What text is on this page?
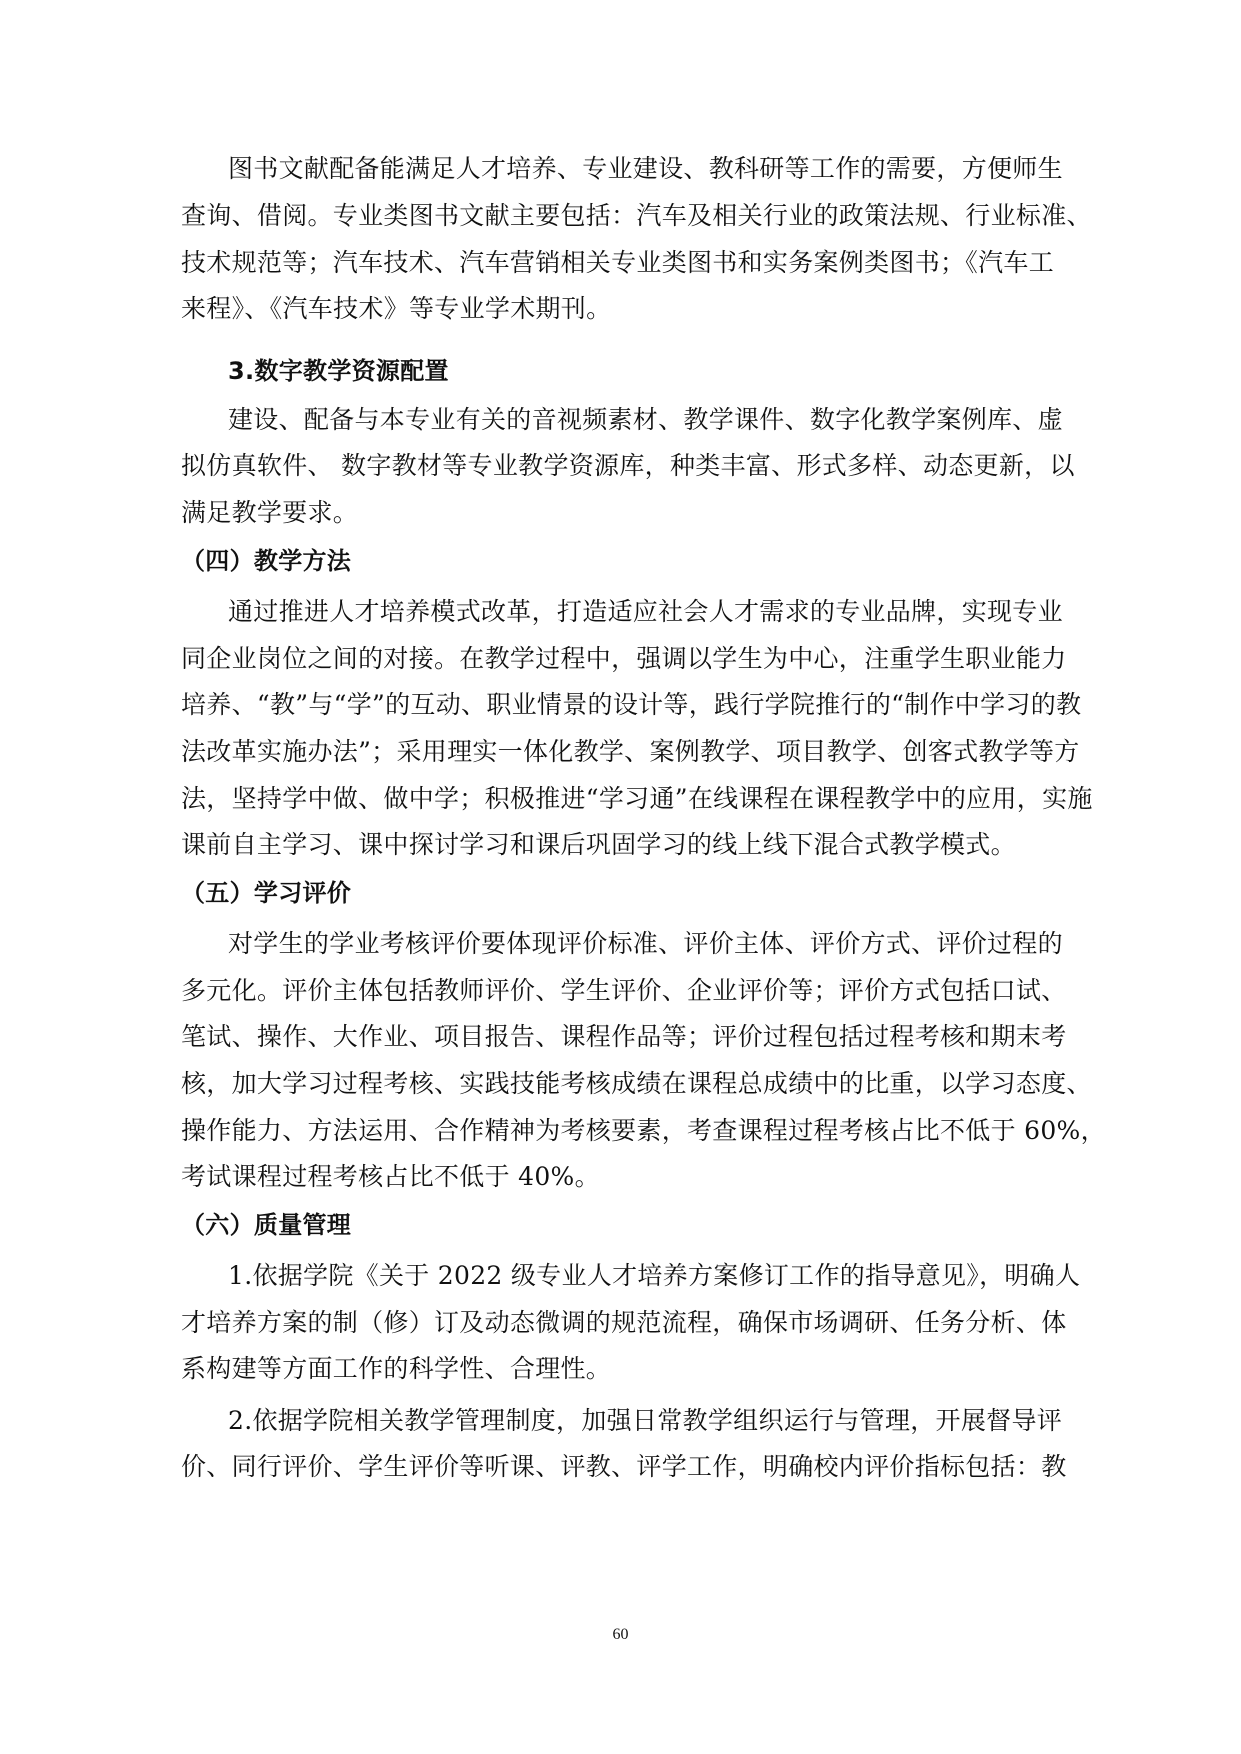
图书文献配备能满足人才培养、专业建设、教科研等工作的需要，方便师生
查询、借阅。专业类图书文献主要包括：汽车及相关行业的政策法规、行业标准、
技术规范等；汽车技术、汽车营销相关专业类图书和实务案例类图书；《汽车工
来程》、《汽车技术》等专业学术期刊。
3.数字教学资源配置
建设、配备与本专业有关的音视频素材、教学课件、数字化教学案例库、虚
拟仿真软件、 数字教材等专业教学资源库，种类丰富、形式多样、动态更新，以
满足教学要求。
（四）教学方法
通过推进人才培养模式改革，打造适应社会人才需求的专业品牌，实现专业
同企业岗位之间的对接。在教学过程中，强调以学生为中心，注重学生职业能力
培养、“教”与“学”的互动、职业情景的设计等，践行学院推行的“制作中学习的教
法改革实施办法”；采用理实一体化教学、案例教学、项目教学、创客式教学等方
法，坚持学中做、做中学；积极推进“学习通”在线课程在课程教学中的应用，实施
课前自主学习、课中探讨学习和课后巩固学习的线上线下混合式教学模式。
（五）学习评价
对学生的学业考核评价要体现评价标准、评价主体、评价方式、评价过程的
多元化。评价主体包括教师评价、学生评价、企业评价等；评价方式包括口试、
笔试、操作、大作业、项目报告、课程作品等；评价过程包括过程考核和期末考
核，加大学习过程考核、实践技能考核成绩在课程总成绩中的比重，以学习态度、
操作能力、方法运用、合作精神为考核要素，考查课程过程考核占比不低于 60%，
考试课程过程考核占比不低于 40%。
（六）质量管理
1.依据学院《关于 2022 级专业人才培养方案修订工作的指导意见》，明确人
才培养方案的制（修）订及动态微调的规范流程，确保市场调研、任务分析、体
系构建等方面工作的科学性、合理性。
2.依据学院相关教学管理制度，加强日常教学组织运行与管理，开展督导评
价、同行评价、学生评价等听课、评教、评学工作，明确校内评价指标包括：教
60
